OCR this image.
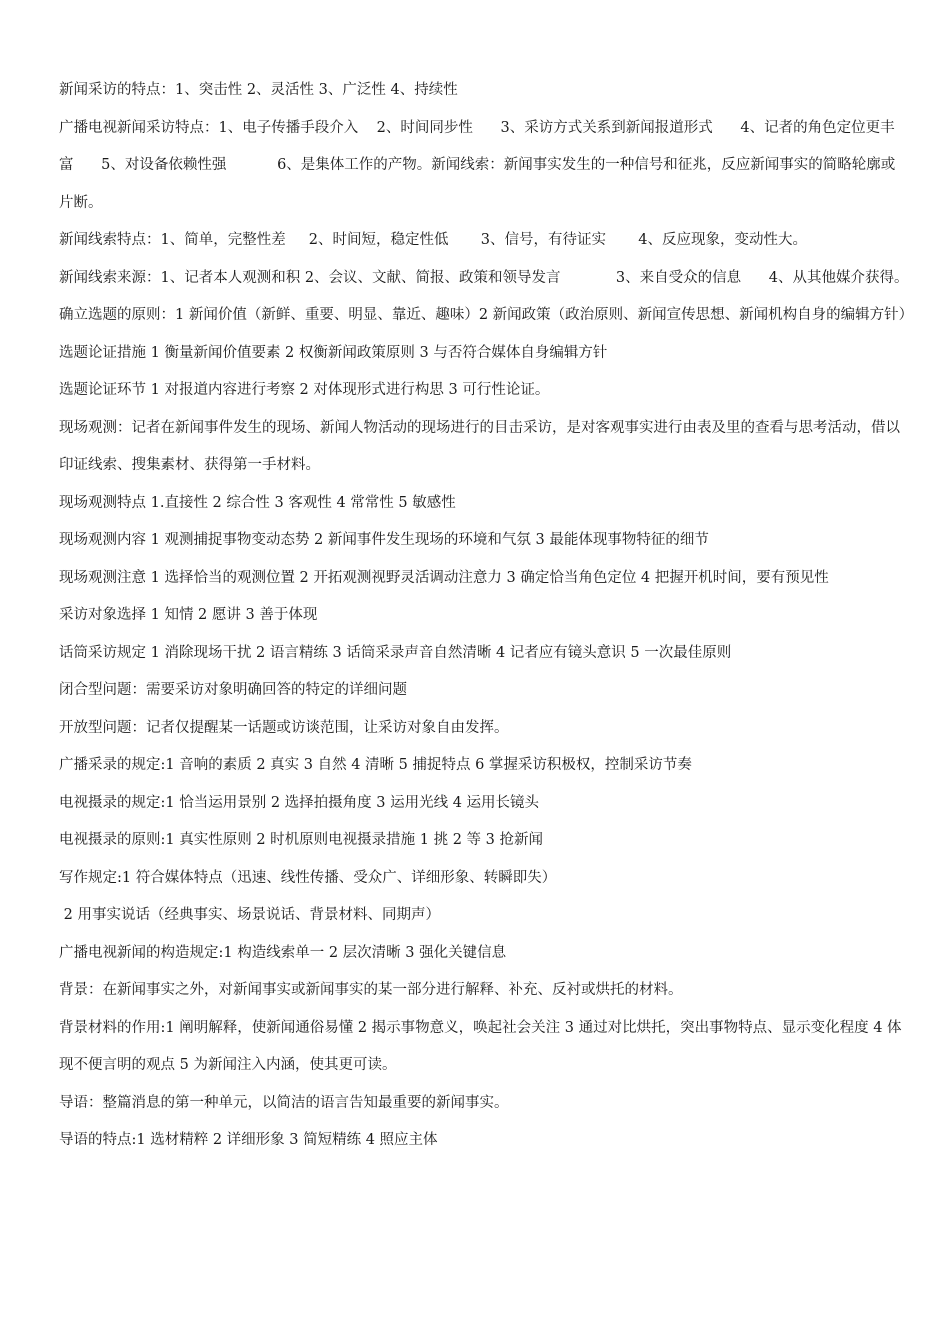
新闻采访的特点：1、突击性 2、灵活性 3、广泛性 4、持续性

广播电视新闻采访特点：1、电子传播手段介入    2、时间同步性      3、采访方式关系到新闻报道形式      4、记者的角色定位更丰富      5、对设备依赖性强           6、是集体工作的产物。新闻线索：新闻事实发生的一种信号和征兆，反应新闻事实的简略轮廓或片断。

新闻线索特点：1、简单，完整性差     2、时间短，稳定性低       3、信号，有待证实       4、反应现象，变动性大。

新闻线索来源：1、记者本人观测和积 2、会议、文献、简报、政策和领导发言            3、来自受众的信息      4、从其他媒介获得。

确立选题的原则：1 新闻价值（新鲜、重要、明显、靠近、趣味）2 新闻政策（政治原则、新闻宣传思想、新闻机构自身的编辑方针）

选题论证措施 1 衡量新闻价值要素 2 权衡新闻政策原则 3 与否符合媒体自身编辑方针

选题论证环节 1 对报道内容进行考察 2 对体现形式进行构思 3 可行性论证。

现场观测：记者在新闻事件发生的现场、新闻人物活动的现场进行的目击采访，是对客观事实进行由表及里的查看与思考活动，借以印证线索、搜集素材、获得第一手材料。

现场观测特点 1.直接性 2 综合性 3 客观性 4 常常性 5 敏感性

现场观测内容 1 观测捕捉事物变动态势 2 新闻事件发生现场的环境和气氛 3 最能体现事物特征的细节

现场观测注意 1 选择恰当的观测位置 2 开拓观测视野灵活调动注意力 3 确定恰当角色定位 4 把握开机时间，要有预见性

采访对象选择 1 知情 2 愿讲 3 善于体现

话筒采访规定 1 消除现场干扰 2 语言精练 3 话筒采录声音自然清晰 4 记者应有镜头意识 5 一次最佳原则

闭合型问题：需要采访对象明确回答的特定的详细问题

开放型问题：记者仅提醒某一话题或访谈范围，让采访对象自由发挥。

广播采录的规定:1 音响的素质 2 真实 3 自然 4 清晰 5 捕捉特点 6 掌握采访积极权，控制采访节奏

电视摄录的规定:1 恰当运用景别 2 选择拍摄角度 3 运用光线 4 运用长镜头

电视摄录的原则:1 真实性原则 2 时机原则电视摄录措施 1 挑 2 等 3 抢新闻

写作规定:1 符合媒体特点（迅速、线性传播、受众广、详细形象、转瞬即失）

2 用事实说话（经典事实、场景说话、背景材料、同期声）

广播电视新闻的构造规定:1 构造线索单一 2 层次清晰 3 强化关键信息

背景：在新闻事实之外，对新闻事实或新闻事实的某一部分进行解释、补充、反衬或烘托的材料。

背景材料的作用:1 阐明解释，使新闻通俗易懂 2 揭示事物意义，唤起社会关注 3 通过对比烘托，突出事物特点、显示变化程度 4 体现不便言明的观点 5 为新闻注入内涵，使其更可读。

导语：整篇消息的第一种单元，以简洁的语言告知最重要的新闻事实。

导语的特点:1 选材精粹 2 详细形象 3 简短精练 4 照应主体
